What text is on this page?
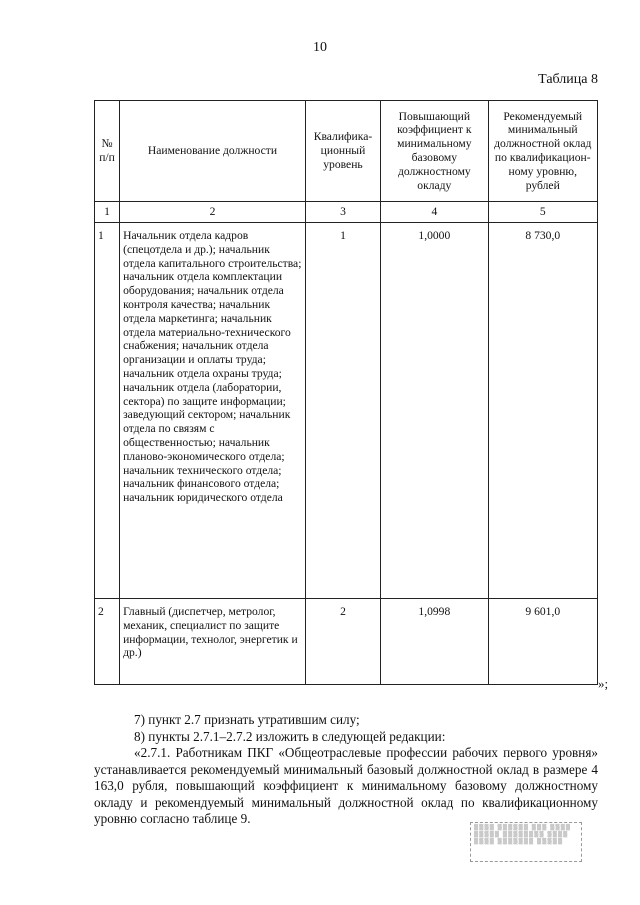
10
Таблица 8
№ п/п	Наименование должности	Квалифика-ционный уровень	Повышающий коэффициент к минимальному базовому должностному окладу	Рекомендуемый минимальный должностной оклад по квалификацион-ному уровню, рублей
1	2	3	4	5
1	Начальник отдела кадров (спецотдела и др.); начальник отдела капитального строительства; начальник отдела комплектации оборудования; начальник отдела контроля качества; начальник отдела маркетинга; начальник отдела материально-технического снабжения; начальник отдела организации и оплаты труда; начальник отдела охраны труда; начальник отдела (лаборатории, сектора) по защите информации; заведующий сектором; начальник отдела по связям с общественностью; начальник планово-экономического отдела; начальник технического отдела; начальник финансового отдела; начальник юридического отдела	1	1,0000	8 730,0
2	Главный (диспетчер, метролог, механик, специалист по защите информации, технолог, энергетик и др.)	2	1,0998	9 601,0
»;

7) пункт 2.7 признать утратившим силу;

8) пункты 2.7.1–2.7.2 изложить в следующей редакции:

«2.7.1. Работникам ПКГ «Общеотраслевые профессии рабочих первого уровня» устанавливается рекомендуемый минимальный базовый должностной оклад в размере 4 163,0 рубля, повышающий коэффициент к минимальному базовому должностному окладу и рекомендуемый минимальный должностной оклад по квалификационному уровню согласно таблице 9.

▒▒▒▒ ▒▒▒▒▒▒ ▒▒▒ ▒▒▒▒
▒▒▒▒▒ ▒▒▒▒▒▒▒▒ ▒▒▒▒
▒▒▒▒ ▒▒▒▒▒▒▒ ▒▒▒▒▒
